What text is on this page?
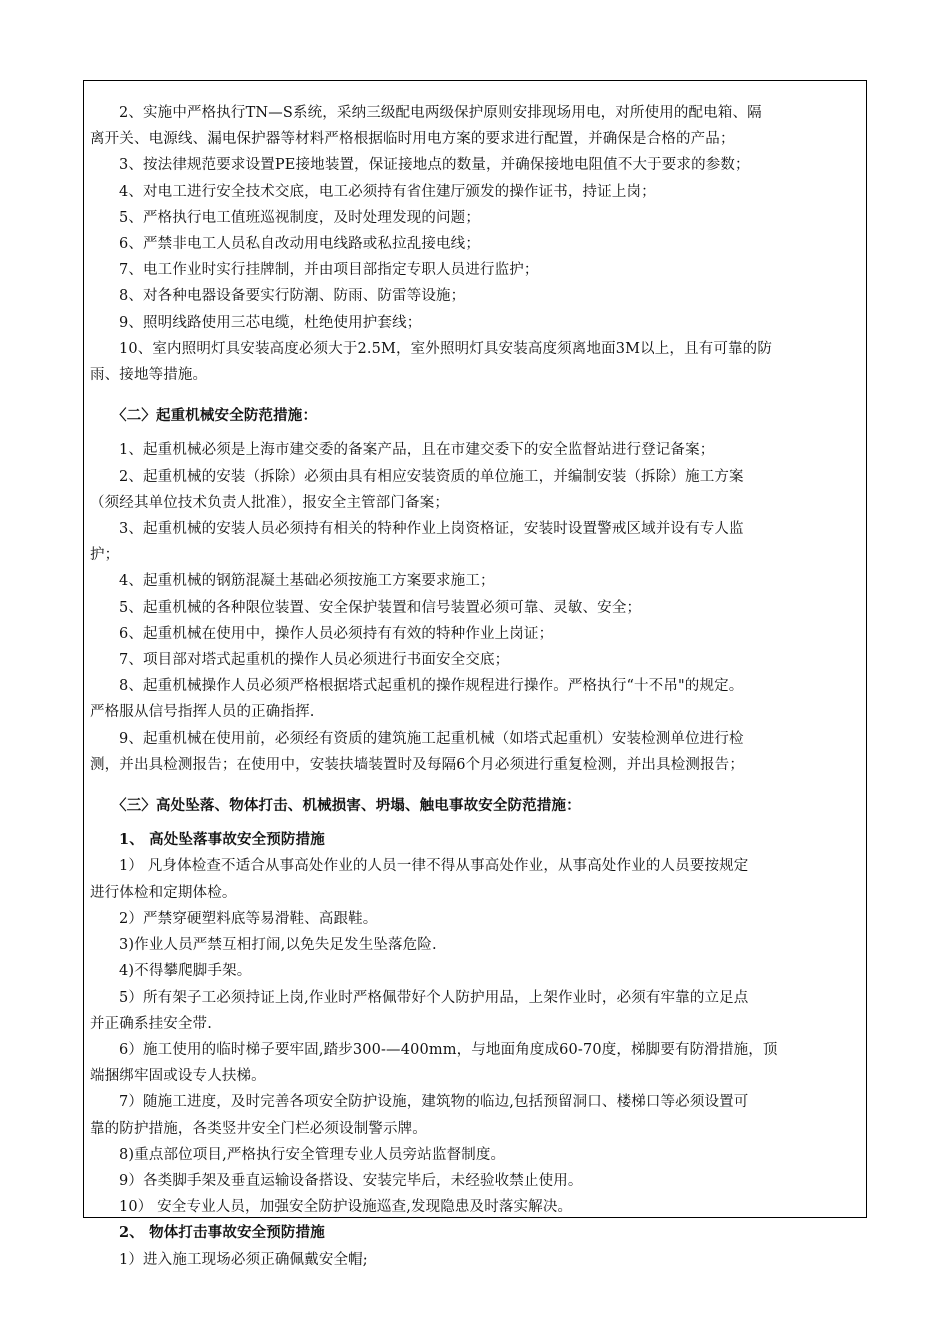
2、实施中严格执行TN—S系统，采纳三级配电两级保护原则安排现场用电，对所使用的配电箱、隔
离开关、电源线、漏电保护器等材料严格根据临时用电方案的要求进行配置，并确保是合格的产品；
3、按法律规范要求设置PE接地装置，保证接地点的数量，并确保接地电阻值不大于要求的参数；
4、对电工进行安全技术交底，电工必须持有省住建厅颁发的操作证书，持证上岗；
5、严格执行电工值班巡视制度，及时处理发现的问题；
6、严禁非电工人员私自改动用电线路或私拉乱接电线；
7、电工作业时实行挂牌制，并由项目部指定专职人员进行监护；
8、对各种电器设备要实行防潮、防雨、防雷等设施；
9、照明线路使用三芯电缆，杜绝使用护套线；
10、室内照明灯具安装高度必须大于2.5M，室外照明灯具安装高度须离地面3M以上，且有可靠的防
雨、接地等措施。
〈二〉起重机械安全防范措施：
1、起重机械必须是上海市建交委的备案产品，且在市建交委下的安全监督站进行登记备案；
2、起重机械的安装（拆除）必须由具有相应安装资质的单位施工，并编制安装（拆除）施工方案
（须经其单位技术负责人批准），报安全主管部门备案；
3、起重机械的安装人员必须持有相关的特种作业上岗资格证，安装时设置警戒区域并设有专人监
护；
4、起重机械的钢筋混凝土基础必须按施工方案要求施工；
5、起重机械的各种限位装置、安全保护装置和信号装置必须可靠、灵敏、安全；
6、起重机械在使用中，操作人员必须持有有效的特种作业上岗证；
7、项目部对塔式起重机的操作人员必须进行书面安全交底；
8、起重机械操作人员必须严格根据塔式起重机的操作规程进行操作。严格执行“十不吊"的规定。
严格服从信号指挥人员的正确指挥.
9、起重机械在使用前，必须经有资质的建筑施工起重机械（如塔式起重机）安装检测单位进行检
测，并出具检测报告；在使用中，安装扶墙装置时及每隔6个月必须进行重复检测，并出具检测报告；
〈三〉高处坠落、物体打击、机械损害、坍塌、触电事故安全防范措施：
1、 高处坠落事故安全预防措施
1） 凡身体检查不适合从事高处作业的人员一律不得从事高处作业，从事高处作业的人员要按规定
进行体检和定期体检。
2）严禁穿硬塑料底等易滑鞋、高跟鞋。
3)作业人员严禁互相打闹,以免失足发生坠落危险.
4)不得攀爬脚手架。
5）所有架子工必须持证上岗,作业时严格佩带好个人防护用品，上架作业时，必须有牢靠的立足点
并正确系挂安全带.
6）施工使用的临时梯子要牢固,踏步300-—400mm，与地面角度成60-70度，梯脚要有防滑措施，顶
端捆绑牢固或设专人扶梯。
7）随施工进度，及时完善各项安全防护设施，建筑物的临边,包括预留洞口、楼梯口等必须设置可
靠的防护措施，各类竖井安全门栏必须设制警示牌。
8)重点部位项目,严格执行安全管理专业人员旁站监督制度。
9）各类脚手架及垂直运输设备搭设、安装完毕后，未经验收禁止使用。
10） 安全专业人员，加强安全防护设施巡查,发现隐患及时落实解决。
2、 物体打击事故安全预防措施
1）进入施工现场必须正确佩戴安全帽;
